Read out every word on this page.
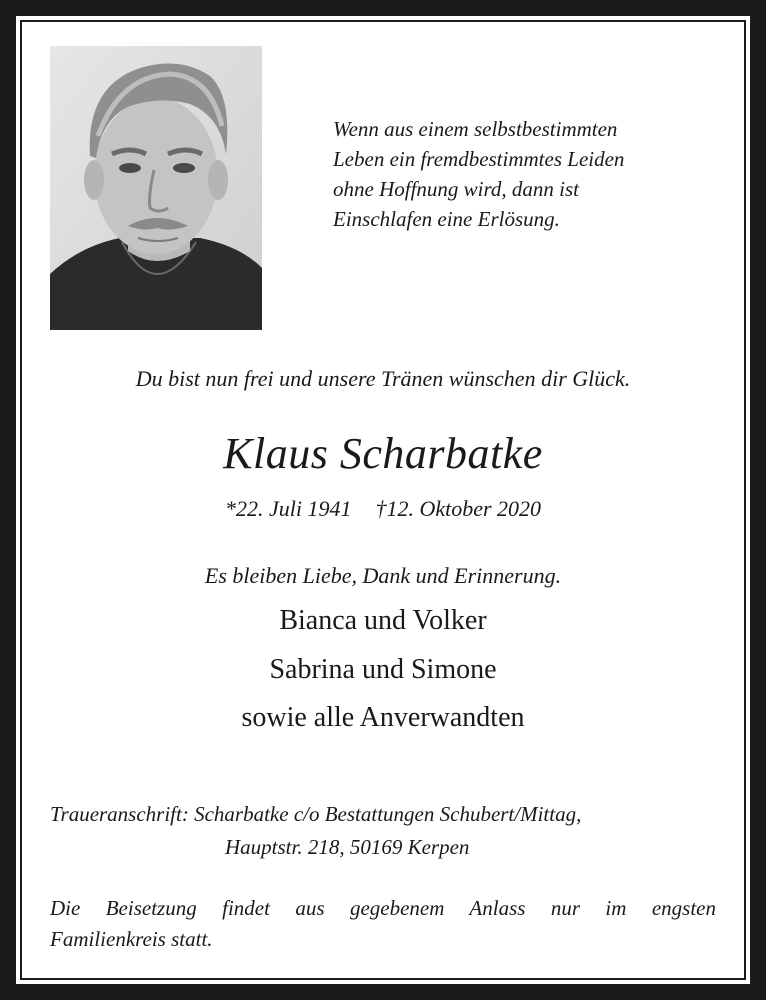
Wenn aus einem selbstbestimmten
Leben ein fremdbestimmtes Leiden
ohne Hoffnung wird, dann ist
Einschlafen eine Erlösung.
Du bist nun frei und unsere Tränen wünschen dir Glück.
Klaus Scharbatke
*22. Juli 1941 †12. Oktober 2020
Es bleiben Liebe, Dank und Erinnerung.
Bianca und Volker
Sabrina und Simone
sowie alle Anverwandten
Traueranschrift: Scharbatke c/o Bestattungen Schubert/Mittag,
Hauptstr. 218, 50169 Kerpen
Die Beisetzung findet aus gegebenem Anlass nur im engsten
Familienkreis statt.
